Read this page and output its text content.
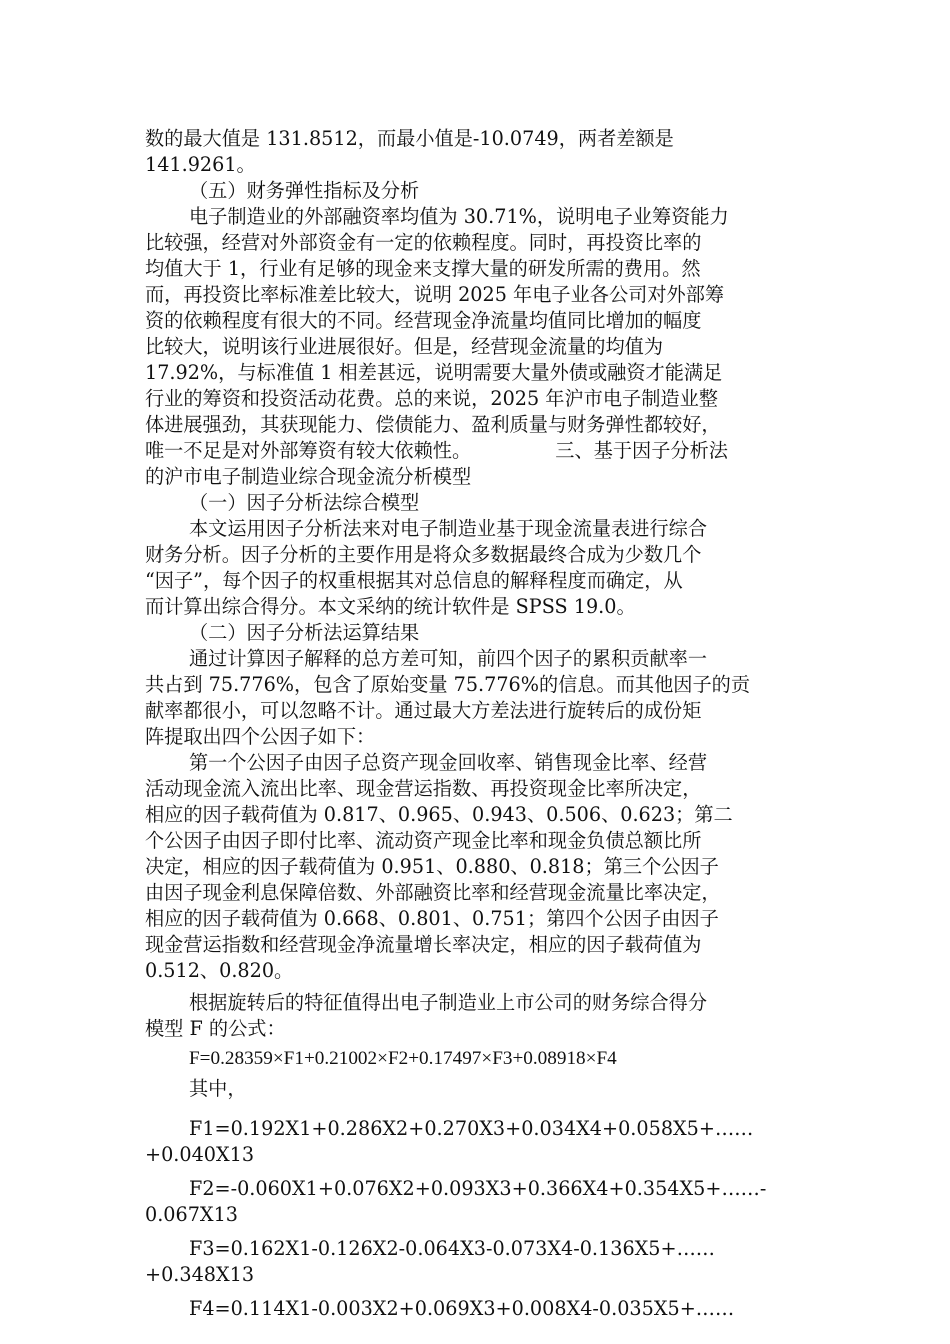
数的最大值是 131.8512，而最小值是-10.0749，两者差额是
141.9261。
（五）财务弹性指标及分析
电子制造业的外部融资率均值为 30.71%，说明电子业筹资能力
比较强，经营对外部资金有一定的依赖程度。同时，再投资比率的
均值大于 1，行业有足够的现金来支撑大量的研发所需的费用。然
而，再投资比率标准差比较大，说明 2025 年电子业各公司对外部筹
资的依赖程度有很大的不同。经营现金净流量均值同比增加的幅度
比较大，说明该行业进展很好。但是，经营现金流量的均值为
17.92%，与标准值 1 相差甚远，说明需要大量外债或融资才能满足
行业的筹资和投资活动花费。总的来说，2025 年沪市电子制造业整
体进展强劲，其获现能力、偿债能力、盈利质量与财务弹性都较好，
唯一不足是对外部筹资有较大依赖性。	三、基于因子分析法
的沪市电子制造业综合现金流分析模型
（一）因子分析法综合模型
本文运用因子分析法来对电子制造业基于现金流量表进行综合
财务分析。因子分析的主要作用是将众多数据最终合成为少数几个
“因子”，每个因子的权重根据其对总信息的解释程度而确定，从
而计算出综合得分。本文采纳的统计软件是 SPSS 19.0。
（二）因子分析法运算结果
通过计算因子解释的总方差可知，前四个因子的累积贡献率一
共占到 75.776%，包含了原始变量 75.776%的信息。而其他因子的贡
献率都很小，可以忽略不计。通过最大方差法进行旋转后的成份矩
阵提取出四个公因子如下：
第一个公因子由因子总资产现金回收率、销售现金比率、经营
活动现金流入流出比率、现金营运指数、再投资现金比率所决定，
相应的因子载荷值为 0.817、0.965、0.943、0.506、0.623；第二
个公因子由因子即付比率、流动资产现金比率和现金负债总额比所
决定，相应的因子载荷值为 0.951、0.880、0.818；第三个公因子
由因子现金利息保障倍数、外部融资比率和经营现金流量比率决定，
相应的因子载荷值为 0.668、0.801、0.751；第四个公因子由因子
现金营运指数和经营现金净流量增长率决定，相应的因子载荷值为
0.512、0.820。
根据旋转后的特征值得出电子制造业上市公司的财务综合得分
模型 F 的公式：
F=0.28359×F1+0.21002×F2+0.17497×F3+0.08918×F4
其中，
F1=0.192X1+0.286X2+0.270X3+0.034X4+0.058X5+……
+0.040X13
F2=-0.060X1+0.076X2+0.093X3+0.366X4+0.354X5+……-
0.067X13
F3=0.162X1-0.126X2-0.064X3-0.073X4-0.136X5+……
+0.348X13
F4=0.114X1-0.003X2+0.069X3+0.008X4-0.035X5+……
